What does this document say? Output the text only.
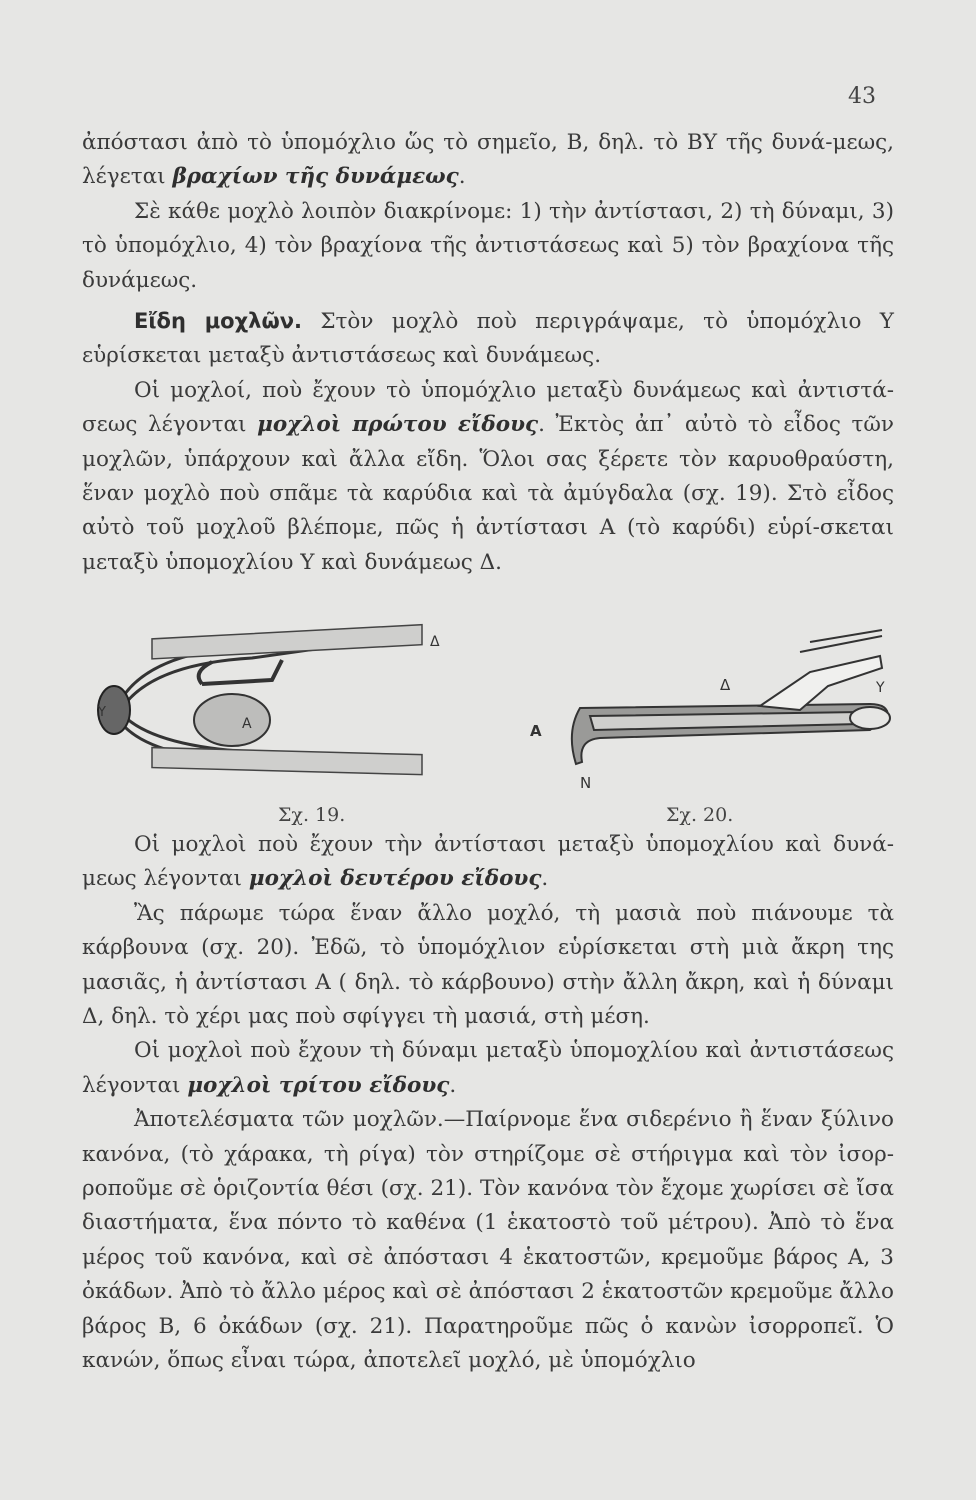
43

ἀπόστασι ἀπὸ τὸ ὑπομόχλιο ὥς τὸ σημεῖο, Β, δηλ. τὸ ΒΥ τῆς δυνά-μεως, λέγεται βραχίων τῆς δυνάμεως.

Σὲ κάθε μοχλὸ λοιπὸν διακρίνομε: 1) τὴν ἀντίστασι, 2) τὴ δύναμι, 3) τὸ ὑπομόχλιο, 4) τὸν βραχίονα τῆς ἀντιστάσεως καὶ 5) τὸν βραχίονα τῆς δυνάμεως.

Εἴδη μοχλῶν. Στὸν μοχλὸ ποὺ περιγράψαμε, τὸ ὑπομόχλιο Υ εὑρίσκεται μεταξὺ ἀντιστάσεως καὶ δυνάμεως.

Οἱ μοχλοί, ποὺ ἔχουν τὸ ὑπομόχλιο μεταξὺ δυνάμεως καὶ ἀντιστά-σεως λέγονται μοχλοὶ πρώτου εἴδους. Ἐκτὸς ἀπ᾿ αὐτὸ τὸ εἶδος τῶν μοχλῶν, ὑπάρχουν καὶ ἄλλα εἴδη. Ὅλοι σας ξέρετε τὸν καρυοθραύστη, ἕναν μοχλὸ ποὺ σπᾶμε τὰ καρύδια καὶ τὰ ἀμύγδαλα (σχ. 19). Στὸ εἶδος αὐτὸ τοῦ μοχλοῦ βλέπομε, πῶς ἡ ἀντίστασι Α (τὸ καρύδι) εὑρί-σκεται μεταξὺ ὑπομοχλίου Υ καὶ δυνάμεως Δ.

Α
Δ
Υ
Σχ. 19.
Α
Δ	Υ
Ν
Σχ. 20.

Οἱ μοχλοὶ ποὺ ἔχουν τὴν ἀντίστασι μεταξὺ ὑπομοχλίου καὶ δυνά-μεως λέγονται μοχλοὶ δευτέρου εἴδους.

Ἂς πάρωμε τώρα ἕναν ἄλλο μοχλό, τὴ μασιὰ ποὺ πιάνουμε τὰ κάρβουνα (σχ. 20). Ἐδῶ, τὸ ὑπομόχλιον εὑρίσκεται στὴ μιὰ ἄκρη της μασιᾶς, ἡ ἀντίστασι Α ( δηλ. τὸ κάρβουνο) στὴν ἄλλη ἄκρη, καὶ ἡ δύναμι Δ, δηλ. τὸ χέρι μας ποὺ σφίγγει τὴ μασιά, στὴ μέση.

Οἱ μοχλοὶ ποὺ ἔχουν τὴ δύναμι μεταξὺ ὑπομοχλίου καὶ ἀντιστάσεως λέγονται μοχλοὶ τρίτου εἴδους.

Ἀποτελέσματα τῶν μοχλῶν.—Παίρνομε ἕνα σιδερένιο ἢ ἕναν ξύλινο κανόνα, (τὸ χάρακα, τὴ ρίγα) τὸν στηρίζομε σὲ στήριγμα καὶ τὸν ἰσορ-ροποῦμε σὲ ὁριζοντία θέσι (σχ. 21). Τὸν κανόνα τὸν ἔχομε χωρίσει σὲ ἴσα διαστήματα, ἕνα πόντο τὸ καθένα (1 ἑκατοστὸ τοῦ μέτρου). Ἀπὸ τὸ ἕνα μέρος τοῦ κανόνα, καὶ σὲ ἀπόστασι 4 ἑκατοστῶν, κρεμοῦμε βάρος Α, 3 ὀκάδων. Ἀπὸ τὸ ἄλλο μέρος καὶ σὲ ἀπόστασι 2 ἑκατοστῶν κρεμοῦμε ἄλλο βάρος Β, 6 ὀκάδων (σχ. 21). Παρατηροῦμε πῶς ὁ κανὼν ἰσορροπεῖ. Ὁ κανών, ὅπως εἶναι τώρα, ἀποτελεῖ μοχλό, μὲ ὑπομόχλιο
